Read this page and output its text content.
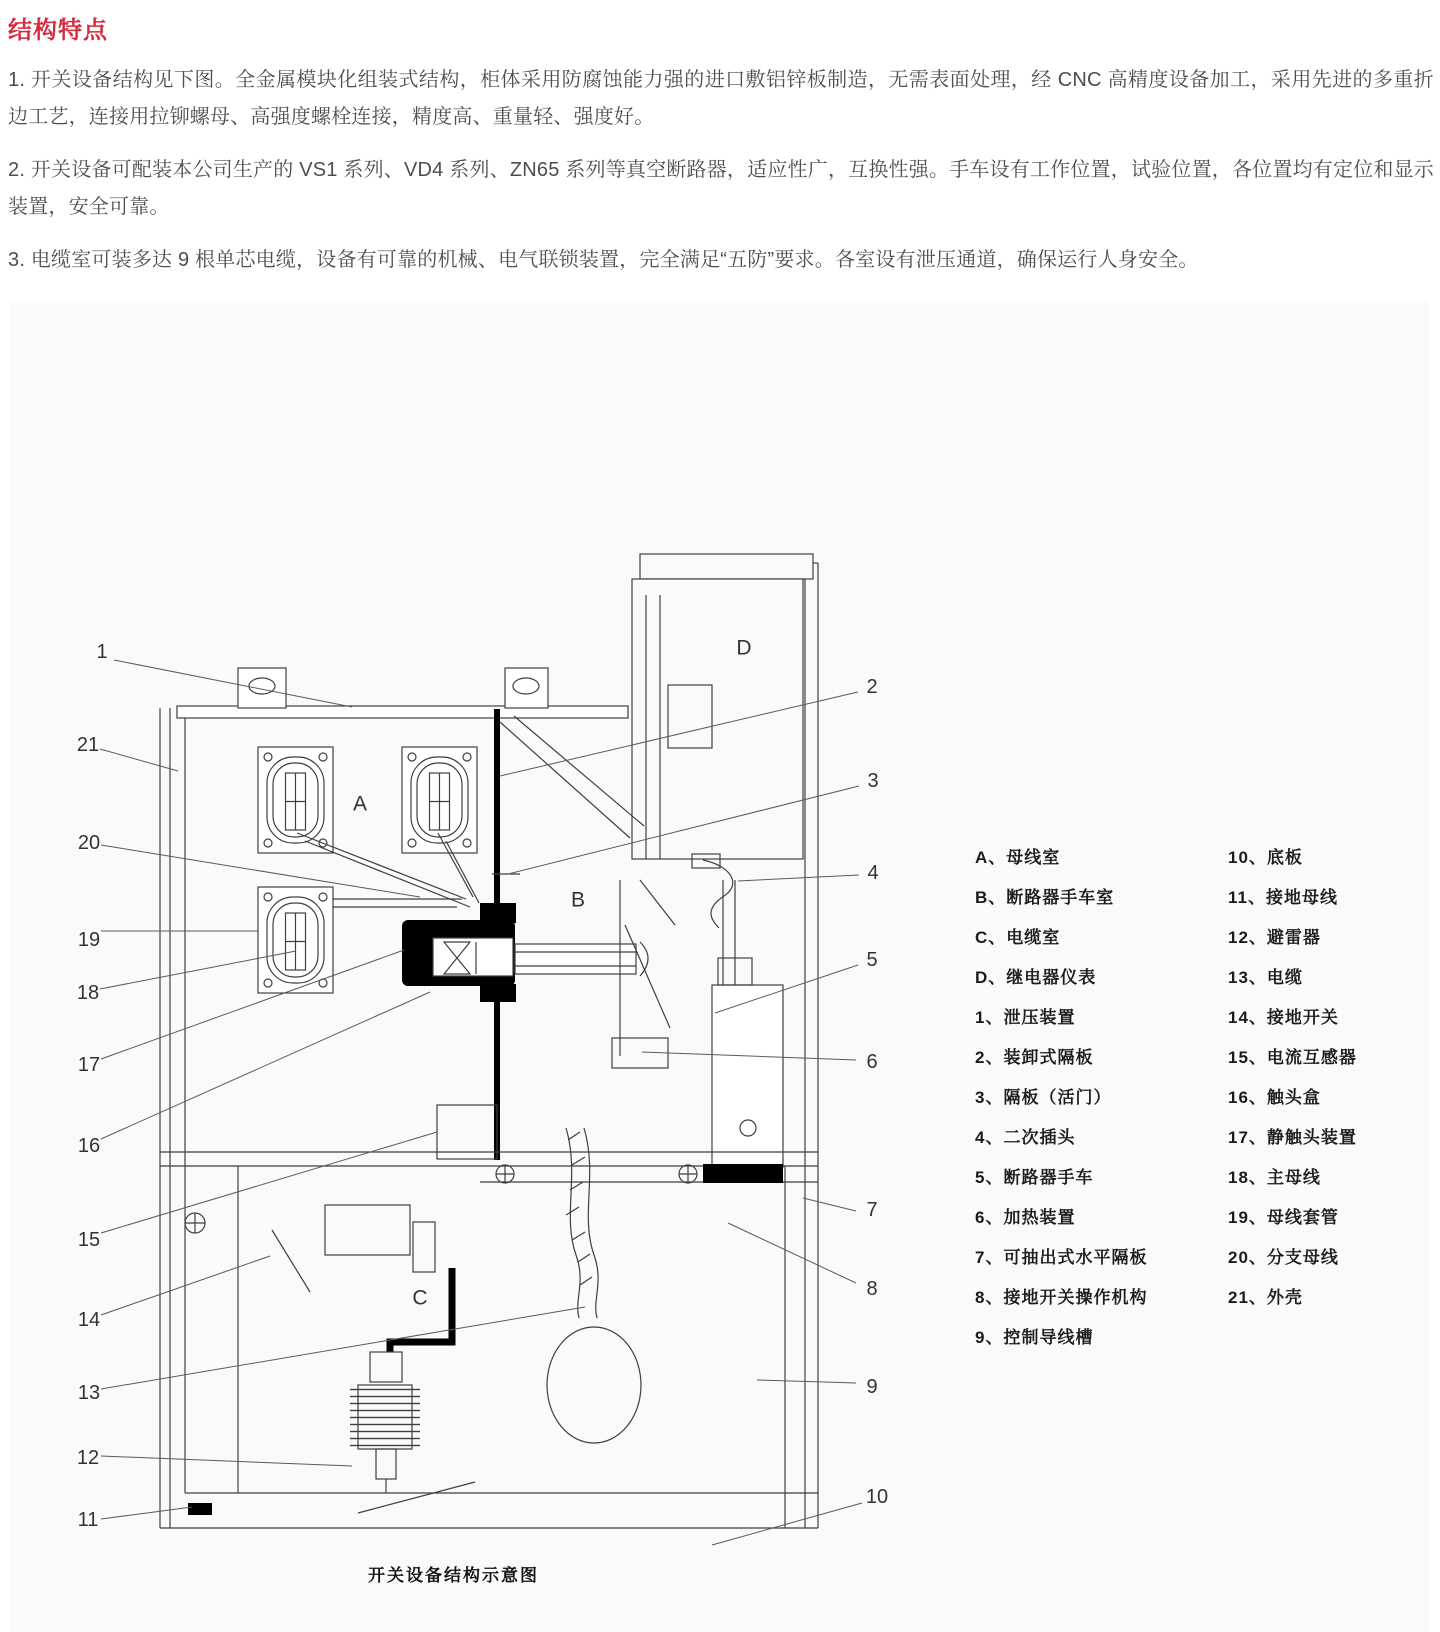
结构特点

1. 开关设备结构见下图。全金属模块化组装式结构，柜体采用防腐蚀能力强的进口敷铝锌板制造，无需表面处理，经 CNC 高精度设备加工，采用先进的多重折边工艺，连接用拉铆螺母、高强度螺栓连接，精度高、重量轻、强度好。

2. 开关设备可配装本公司生产的 VS1 系列、VD4 系列、ZN65 系列等真空断路器，适应性广，互换性强。手车设有工作位置，试验位置，各位置均有定位和显示装置，安全可靠。

3. 电缆室可装多达 9 根单芯电缆，设备有可靠的机械、电气联锁装置，完全满足“五防”要求。各室设有泄压通道，确保运行人身安全。

1
2
3
4
5
6
7
8
9
10
11
12
13
14
15
16
17
18
19
20
21
A
B
C
D
A、母线室
B、断路器手车室
C、电缆室
D、继电器仪表
1、泄压装置
2、装卸式隔板
3、隔板（活门）
4、二次插头
5、断路器手车
6、加热装置
7、可抽出式水平隔板
8、接地开关操作机构
9、控制导线槽
10、底板
11、接地母线
12、避雷器
13、电缆
14、接地开关
15、电流互感器
16、触头盒
17、静触头装置
18、主母线
19、母线套管
20、分支母线
21、外壳
开关设备结构示意图
